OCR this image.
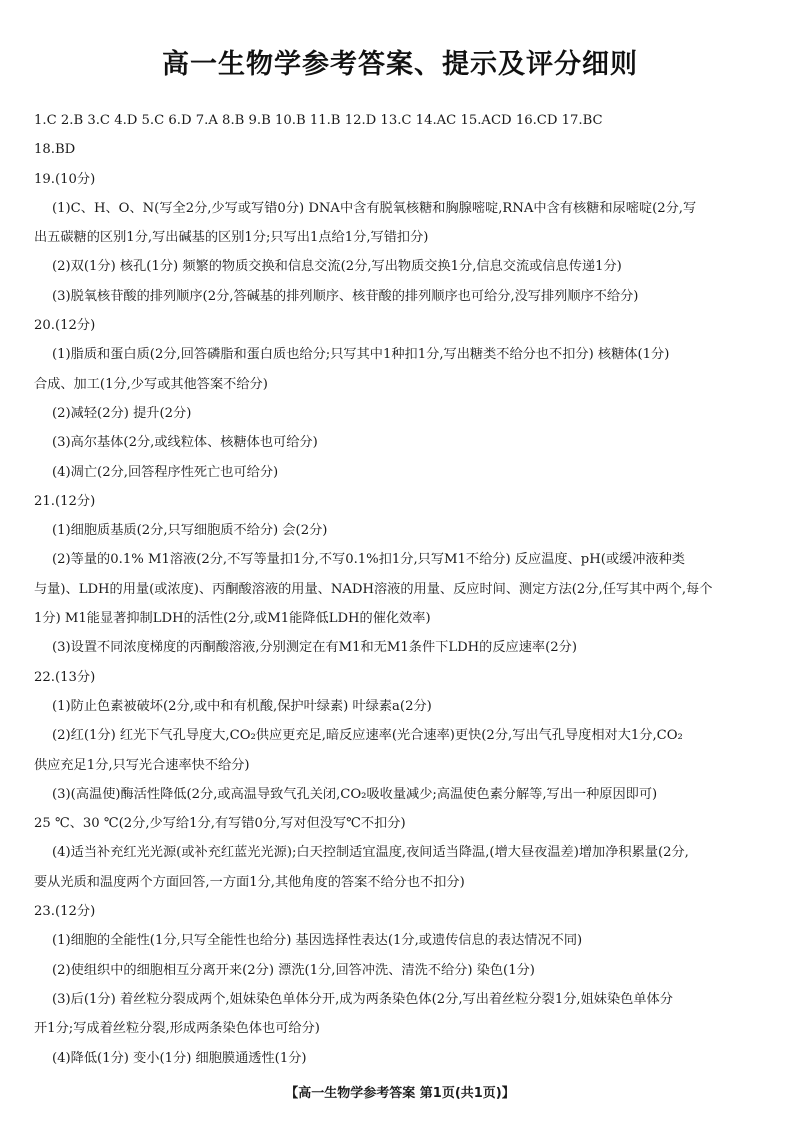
高一生物学参考答案、提示及评分细则
1.C 2.B 3.C 4.D 5.C 6.D 7.A 8.B 9.B 10.B 11.B 12.D 13.C 14.AC 15.ACD 16.CD 17.BC
18.BD
19.(10分)
(1)C、H、O、N(写全2分,少写或写错0分) DNA中含有脱氧核糖和胸腺嘧啶,RNA中含有核糖和尿嘧啶(2分,写
出五碳糖的区别1分,写出碱基的区别1分;只写出1点给1分,写错扣分)
(2)双(1分) 核孔(1分) 频繁的物质交换和信息交流(2分,写出物质交换1分,信息交流或信息传递1分)
(3)脱氧核苷酸的排列顺序(2分,答碱基的排列顺序、核苷酸的排列顺序也可给分,没写排列顺序不给分)
20.(12分)
(1)脂质和蛋白质(2分,回答磷脂和蛋白质也给分;只写其中1种扣1分,写出糖类不给分也不扣分) 核糖体(1分)
合成、加工(1分,少写或其他答案不给分)
(2)减轻(2分) 提升(2分)
(3)高尔基体(2分,或线粒体、核糖体也可给分)
(4)凋亡(2分,回答程序性死亡也可给分)
21.(12分)
(1)细胞质基质(2分,只写细胞质不给分) 会(2分)
(2)等量的0.1% M1溶液(2分,不写等量扣1分,不写0.1%扣1分,只写M1不给分) 反应温度、pH(或缓冲液种类
与量)、LDH的用量(或浓度)、丙酮酸溶液的用量、NADH溶液的用量、反应时间、测定方法(2分,任写其中两个,每个
1分) M1能显著抑制LDH的活性(2分,或M1能降低LDH的催化效率)
(3)设置不同浓度梯度的丙酮酸溶液,分别测定在有M1和无M1条件下LDH的反应速率(2分)
22.(13分)
(1)防止色素被破坏(2分,或中和有机酸,保护叶绿素) 叶绿素a(2分)
(2)红(1分) 红光下气孔导度大,CO₂供应更充足,暗反应速率(光合速率)更快(2分,写出气孔导度相对大1分,CO₂
供应充足1分,只写光合速率快不给分)
(3)(高温使)酶活性降低(2分,或高温导致气孔关闭,CO₂吸收量减少;高温使色素分解等,写出一种原因即可)
25 ℃、30 ℃(2分,少写给1分,有写错0分,写对但没写℃不扣分)
(4)适当补充红光光源(或补充红蓝光光源);白天控制适宜温度,夜间适当降温,(增大昼夜温差)增加净积累量(2分,
要从光质和温度两个方面回答,一方面1分,其他角度的答案不给分也不扣分)
23.(12分)
(1)细胞的全能性(1分,只写全能性也给分) 基因选择性表达(1分,或遗传信息的表达情况不同)
(2)使组织中的细胞相互分离开来(2分) 漂洗(1分,回答冲洗、清洗不给分) 染色(1分)
(3)后(1分) 着丝粒分裂成两个,姐妹染色单体分开,成为两条染色体(2分,写出着丝粒分裂1分,姐妹染色单体分
开1分;写成着丝粒分裂,形成两条染色体也可给分)
(4)降低(1分) 变小(1分) 细胞膜通透性(1分)
【高一生物学参考答案 第1页(共1页)】
